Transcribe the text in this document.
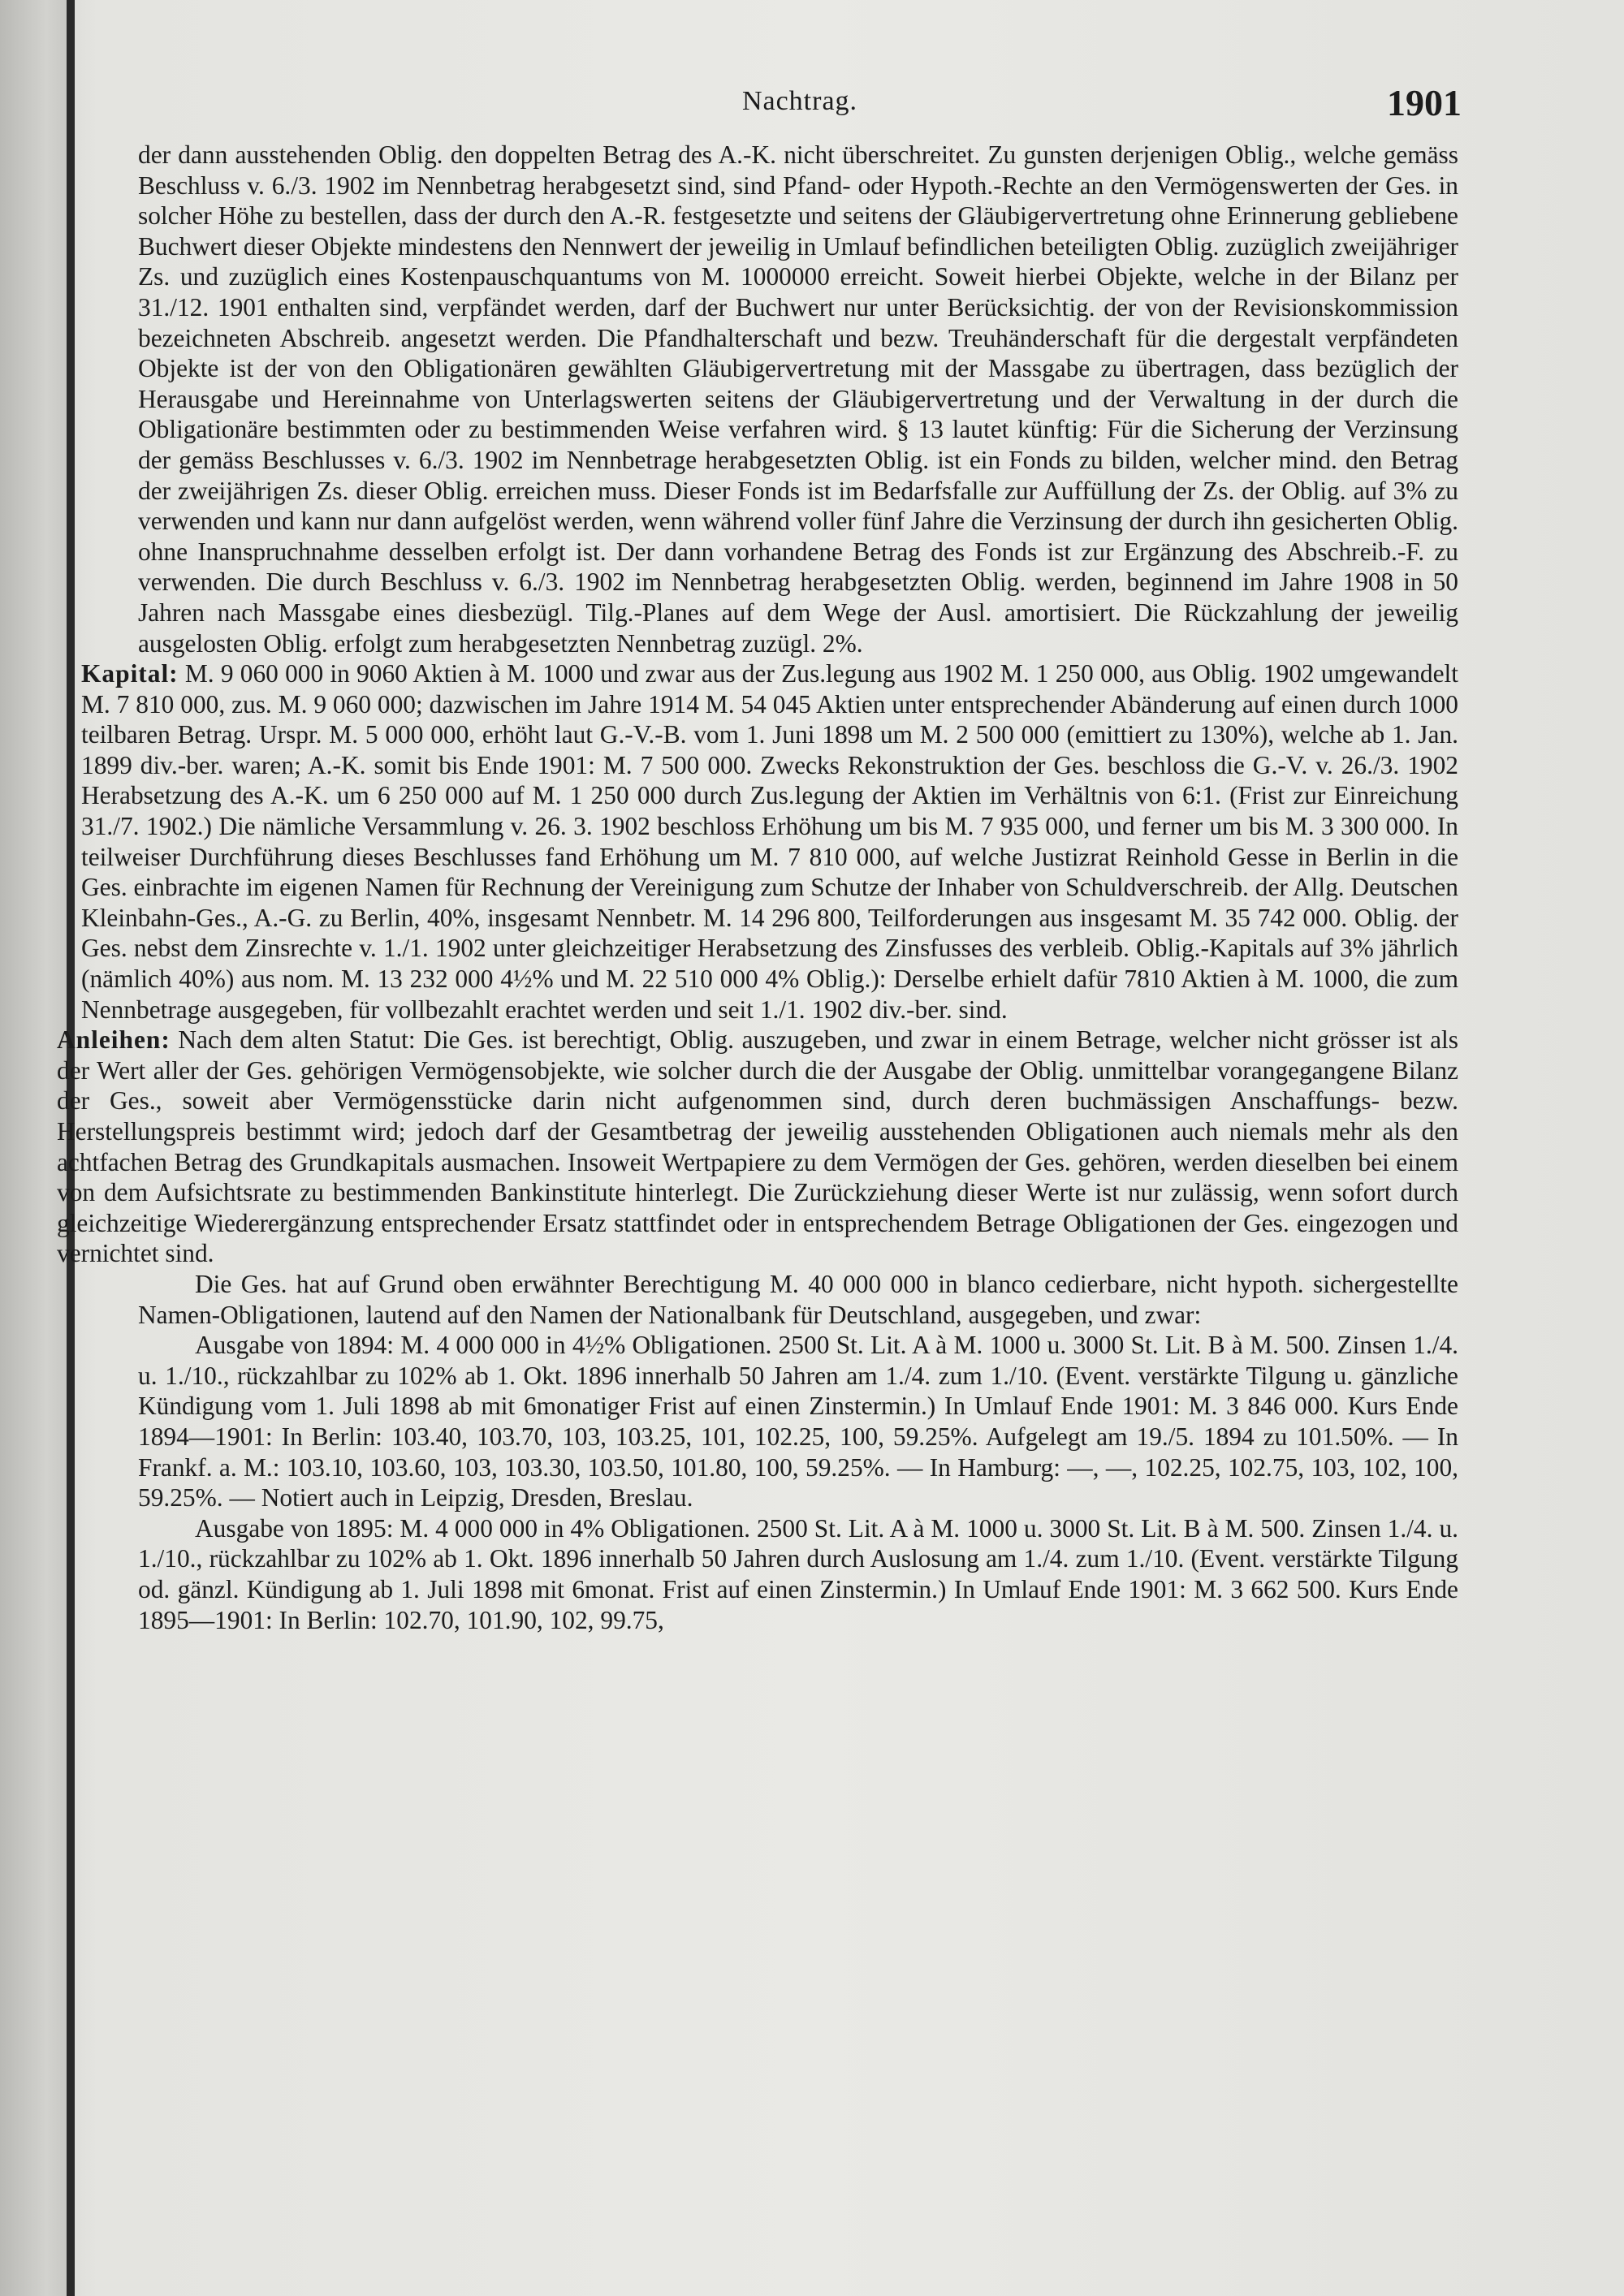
Nachtrag.	1901

der dann ausstehenden Oblig. den doppelten Betrag des A.-K. nicht überschreitet. Zu gunsten derjenigen Oblig., welche gemäss Beschluss v. 6./3. 1902 im Nennbetrag herabgesetzt sind, sind Pfand- oder Hypoth.-Rechte an den Vermögenswerten der Ges. in solcher Höhe zu bestellen, dass der durch den A.-R. festgesetzte und seitens der Gläubigervertretung ohne Erinnerung gebliebene Buchwert dieser Objekte mindestens den Nennwert der jeweilig in Umlauf befindlichen beteiligten Oblig. zuzüglich zweijähriger Zs. und zuzüglich eines Kostenpauschquantums von M. 1000000 erreicht. Soweit hierbei Objekte, welche in der Bilanz per 31./12. 1901 enthalten sind, verpfändet werden, darf der Buchwert nur unter Berücksichtig. der von der Revisionskommission bezeichneten Abschreib. angesetzt werden. Die Pfandhalterschaft und bezw. Treuhänderschaft für die dergestalt verpfändeten Objekte ist der von den Obligationären gewählten Gläubigervertretung mit der Massgabe zu übertragen, dass bezüglich der Herausgabe und Hereinnahme von Unterlagswerten seitens der Gläubigervertretung und der Verwaltung in der durch die Obligationäre bestimmten oder zu bestimmenden Weise verfahren wird. § 13 lautet künftig: Für die Sicherung der Verzinsung der gemäss Beschlusses v. 6./3. 1902 im Nennbetrage herabgesetzten Oblig. ist ein Fonds zu bilden, welcher mind. den Betrag der zweijährigen Zs. dieser Oblig. erreichen muss. Dieser Fonds ist im Bedarfsfalle zur Auffüllung der Zs. der Oblig. auf 3% zu verwenden und kann nur dann aufgelöst werden, wenn während voller fünf Jahre die Verzinsung der durch ihn gesicherten Oblig. ohne Inanspruchnahme desselben erfolgt ist. Der dann vorhandene Betrag des Fonds ist zur Ergänzung des Abschreib.-F. zu verwenden. Die durch Beschluss v. 6./3. 1902 im Nennbetrag herabgesetzten Oblig. werden, beginnend im Jahre 1908 in 50 Jahren nach Massgabe eines diesbezügl. Tilg.-Planes auf dem Wege der Ausl. amortisiert. Die Rückzahlung der jeweilig ausgelosten Oblig. erfolgt zum herabgesetzten Nennbetrag zuzügl. 2%.

Kapital: M. 9 060 000 in 9060 Aktien à M. 1000 und zwar aus der Zus.legung aus 1902 M. 1 250 000, aus Oblig. 1902 umgewandelt M. 7 810 000, zus. M. 9 060 000; dazwischen im Jahre 1914 M. 54 045 Aktien unter entsprechender Abänderung auf einen durch 1000 teilbaren Betrag. Urspr. M. 5 000 000, erhöht laut G.-V.-B. vom 1. Juni 1898 um M. 2 500 000 (emittiert zu 130%), welche ab 1. Jan. 1899 div.-ber. waren; A.-K. somit bis Ende 1901: M. 7 500 000. Zwecks Rekonstruktion der Ges. beschloss die G.-V. v. 26./3. 1902 Herabsetzung des A.-K. um 6 250 000 auf M. 1 250 000 durch Zus.legung der Aktien im Verhältnis von 6:1. (Frist zur Einreichung 31./7. 1902.) Die nämliche Versammlung v. 26. 3. 1902 beschloss Erhöhung um bis M. 7 935 000, und ferner um bis M. 3 300 000. In teilweiser Durchführung dieses Beschlusses fand Erhöhung um M. 7 810 000, auf welche Justizrat Reinhold Gesse in Berlin in die Ges. einbrachte im eigenen Namen für Rechnung der Vereinigung zum Schutze der Inhaber von Schuldverschreib. der Allg. Deutschen Kleinbahn-Ges., A.-G. zu Berlin, 40%, insgesamt Nennbetr. M. 14 296 800, Teilforderungen aus insgesamt M. 35 742 000. Oblig. der Ges. nebst dem Zinsrechte v. 1./1. 1902 unter gleichzeitiger Herabsetzung des Zinsfusses des verbleib. Oblig.-Kapitals auf 3% jährlich (nämlich 40%) aus nom. M. 13 232 000 4½% und M. 22 510 000 4% Oblig.): Derselbe erhielt dafür 7810 Aktien à M. 1000, die zum Nennbetrage ausgegeben, für vollbezahlt erachtet werden und seit 1./1. 1902 div.-ber. sind.

Anleihen: Nach dem alten Statut: Die Ges. ist berechtigt, Oblig. auszugeben, und zwar in einem Betrage, welcher nicht grösser ist als der Wert aller der Ges. gehörigen Vermögensobjekte, wie solcher durch die der Ausgabe der Oblig. unmittelbar vorangegangene Bilanz der Ges., soweit aber Vermögensstücke darin nicht aufgenommen sind, durch deren buchmässigen Anschaffungs- bezw. Herstellungspreis bestimmt wird; jedoch darf der Gesamtbetrag der jeweilig ausstehenden Obligationen auch niemals mehr als den achtfachen Betrag des Grundkapitals ausmachen. Insoweit Wertpapiere zu dem Vermögen der Ges. gehören, werden dieselben bei einem von dem Aufsichtsrate zu bestimmenden Bankinstitute hinterlegt. Die Zurückziehung dieser Werte ist nur zulässig, wenn sofort durch gleichzeitige Wiederergänzung entsprechender Ersatz stattfindet oder in entsprechendem Betrage Obligationen der Ges. eingezogen und vernichtet sind.

Die Ges. hat auf Grund oben erwähnter Berechtigung M. 40 000 000 in blanco cedierbare, nicht hypoth. sichergestellte Namen-Obligationen, lautend auf den Namen der Nationalbank für Deutschland, ausgegeben, und zwar:

Ausgabe von 1894: M. 4 000 000 in 4½% Obligationen. 2500 St. Lit. A à M. 1000 u. 3000 St. Lit. B à M. 500. Zinsen 1./4. u. 1./10., rückzahlbar zu 102% ab 1. Okt. 1896 innerhalb 50 Jahren am 1./4. zum 1./10. (Event. verstärkte Tilgung u. gänzliche Kündigung vom 1. Juli 1898 ab mit 6monatiger Frist auf einen Zinstermin.) In Umlauf Ende 1901: M. 3 846 000. Kurs Ende 1894—1901: In Berlin: 103.40, 103.70, 103, 103.25, 101, 102.25, 100, 59.25%. Aufgelegt am 19./5. 1894 zu 101.50%. — In Frankf. a. M.: 103.10, 103.60, 103, 103.30, 103.50, 101.80, 100, 59.25%. — In Hamburg: —, —, 102.25, 102.75, 103, 102, 100, 59.25%. — Notiert auch in Leipzig, Dresden, Breslau.

Ausgabe von 1895: M. 4 000 000 in 4% Obligationen. 2500 St. Lit. A à M. 1000 u. 3000 St. Lit. B à M. 500. Zinsen 1./4. u. 1./10., rückzahlbar zu 102% ab 1. Okt. 1896 innerhalb 50 Jahren durch Auslosung am 1./4. zum 1./10. (Event. verstärkte Tilgung od. gänzl. Kündigung ab 1. Juli 1898 mit 6monat. Frist auf einen Zinstermin.) In Umlauf Ende 1901: M. 3 662 500. Kurs Ende 1895—1901: In Berlin: 102.70, 101.90, 102, 99.75,
